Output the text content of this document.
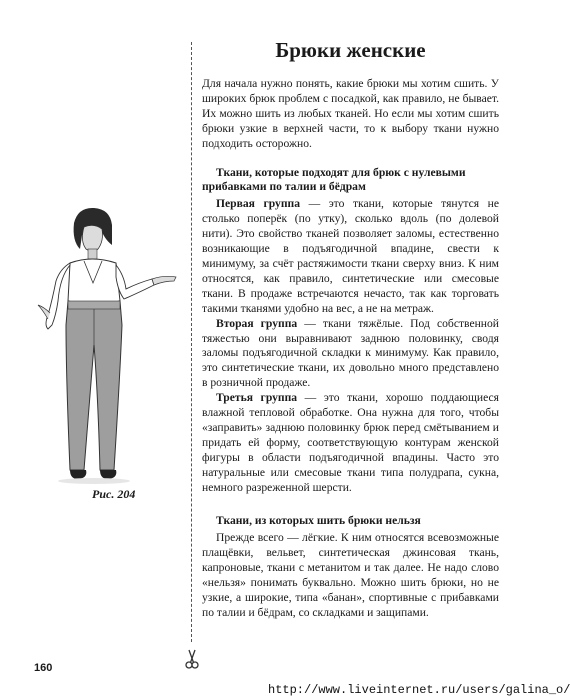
Рис. 204
Брюки женские

Для начала нужно понять, какие брюки мы хотим сшить. У широких брюк проблем с посадкой, как правило, не бывает. Их можно шить из любых тканей. Но если мы хотим сшить брюки узкие в верхней части, то к выбору ткани нужно подходить осторожно.

Ткани, которые подходят для брюк с нулевыми прибавками по талии и бёдрам

Первая группа — это ткани, которые тянутся не столько поперёк (по утку), сколько вдоль (по долевой нити). Это свойство тканей позволяет заломы, естественно возникающие в подъягодичной впадине, свести к минимуму, за счёт растяжимости ткани сверху вниз. К ним относятся, как правило, синтетические или смесовые ткани. В продаже встречаются нечасто, так как торговать такими тканями удобно на вес, а не на метраж.

Вторая группа — ткани тяжёлые. Под собственной тяжестью они выравнивают заднюю половинку, сводя заломы подъягодичной складки к минимуму. Как правило, это синтетические ткани, их довольно много представлено в розничной продаже.

Третья группа — это ткани, хорошо поддающиеся влажной тепловой обработке. Она нужна для того, чтобы «заправить» заднюю половинку брюк перед смётыванием и придать ей форму, соответствующую контурам женской фигуры в области подъягодичной впадины. Часто это натуральные или смесовые ткани типа полудрапа, сукна, немного разреженной шерсти.

Ткани, из которых шить брюки нельзя

Прежде всего — лёгкие. К ним относятся всевозможные плащёвки, вельвет, синтетическая джинсовая ткань, капроновые, ткани с метанитом и так далее. Не надо слово «нельзя» понимать буквально. Можно шить брюки, но не узкие, а широкие, типа «банан», спортивные с прибавками по талии и бёдрам, со складками и защипами.

160
http://www.liveinternet.ru/users/galina_o/
